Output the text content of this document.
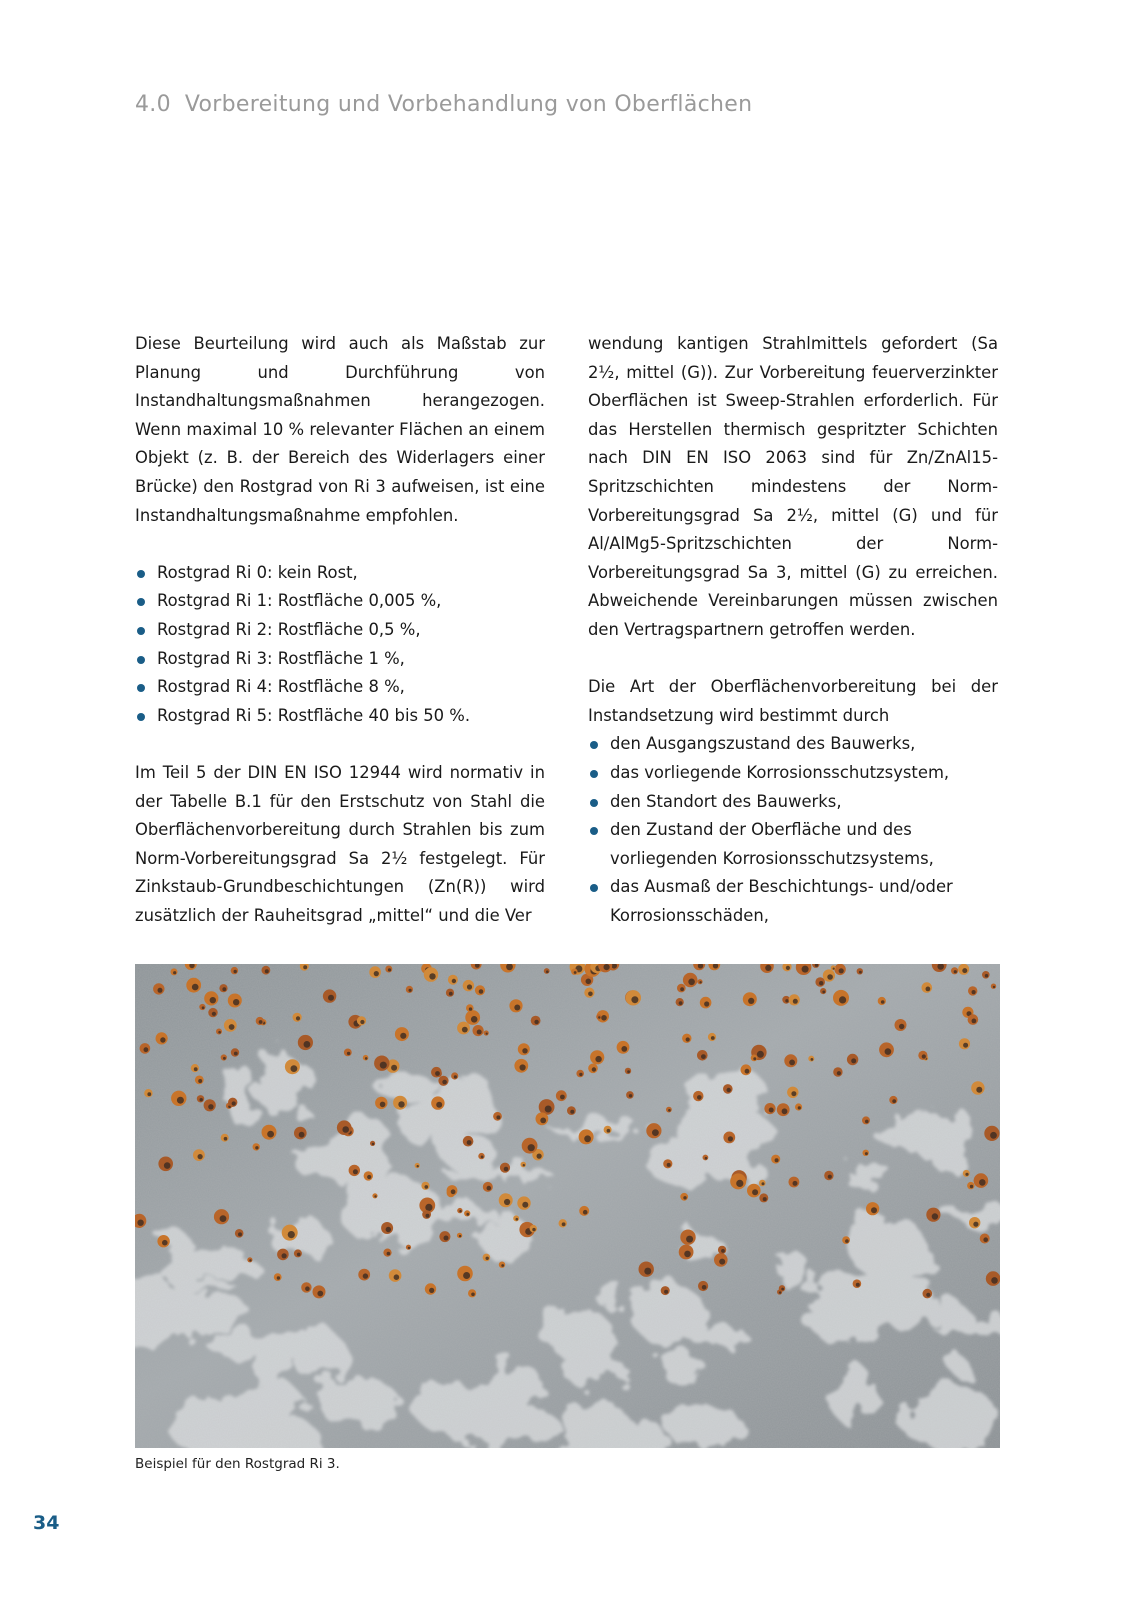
4.0 Vorbereitung und Vorbehandlung von Oberflächen

Diese Beurteilung wird auch als Maßstab zur Planung und Durchführung von Instandhaltungsmaßnahmen herangezogen. Wenn maximal 10 % relevanter Flächen an einem Objekt (z. B. der Bereich des Widerlagers einer Brücke) den Rostgrad von Ri 3 aufweisen, ist eine Instandhaltungsmaßnahme empfohlen.

Rostgrad Ri 0: kein Rost,
Rostgrad Ri 1: Rostfläche 0,005 %,
Rostgrad Ri 2: Rostfläche 0,5 %,
Rostgrad Ri 3: Rostfläche 1 %,
Rostgrad Ri 4: Rostfläche 8 %,
Rostgrad Ri 5: Rostfläche 40 bis 50 %.

Im Teil 5 der DIN EN ISO 12944 wird normativ in der Tabelle B.1 für den Erstschutz von Stahl die Oberflächenvorbereitung durch Strahlen bis zum Norm-Vorbereitungsgrad Sa 2½ festgelegt. Für Zinkstaub-Grundbeschichtungen (Zn(R)) wird zusätzlich der Rauheitsgrad „mittel“ und die Ver

wendung kantigen Strahlmittels gefordert (Sa 2½, mittel (G)). Zur Vorbereitung feuerverzinkter Oberflächen ist Sweep-Strahlen erforderlich. Für das Herstellen thermisch gespritzter Schichten nach DIN EN ISO 2063 sind für Zn/ZnAl15-Spritzschichten mindestens der Norm-Vorbereitungsgrad Sa 2½, mittel (G) und für Al/AlMg5-Spritzschichten der Norm-Vorbereitungsgrad Sa 3, mittel (G) zu erreichen. Abweichende Vereinbarungen müssen zwischen den Vertragspartnern getroffen werden.

Die Art der Oberflächenvorbereitung bei der Instandsetzung wird bestimmt durch

den Ausgangszustand des Bauwerks,
das vorliegende Korrosionsschutzsystem,
den Standort des Bauwerks,
den Zustand der Oberfläche und des vorliegenden Korrosionsschutzsystems,
das Ausmaß der Beschichtungs- und/oder Korrosionsschäden,
Beispiel für den Rostgrad Ri 3.
34
